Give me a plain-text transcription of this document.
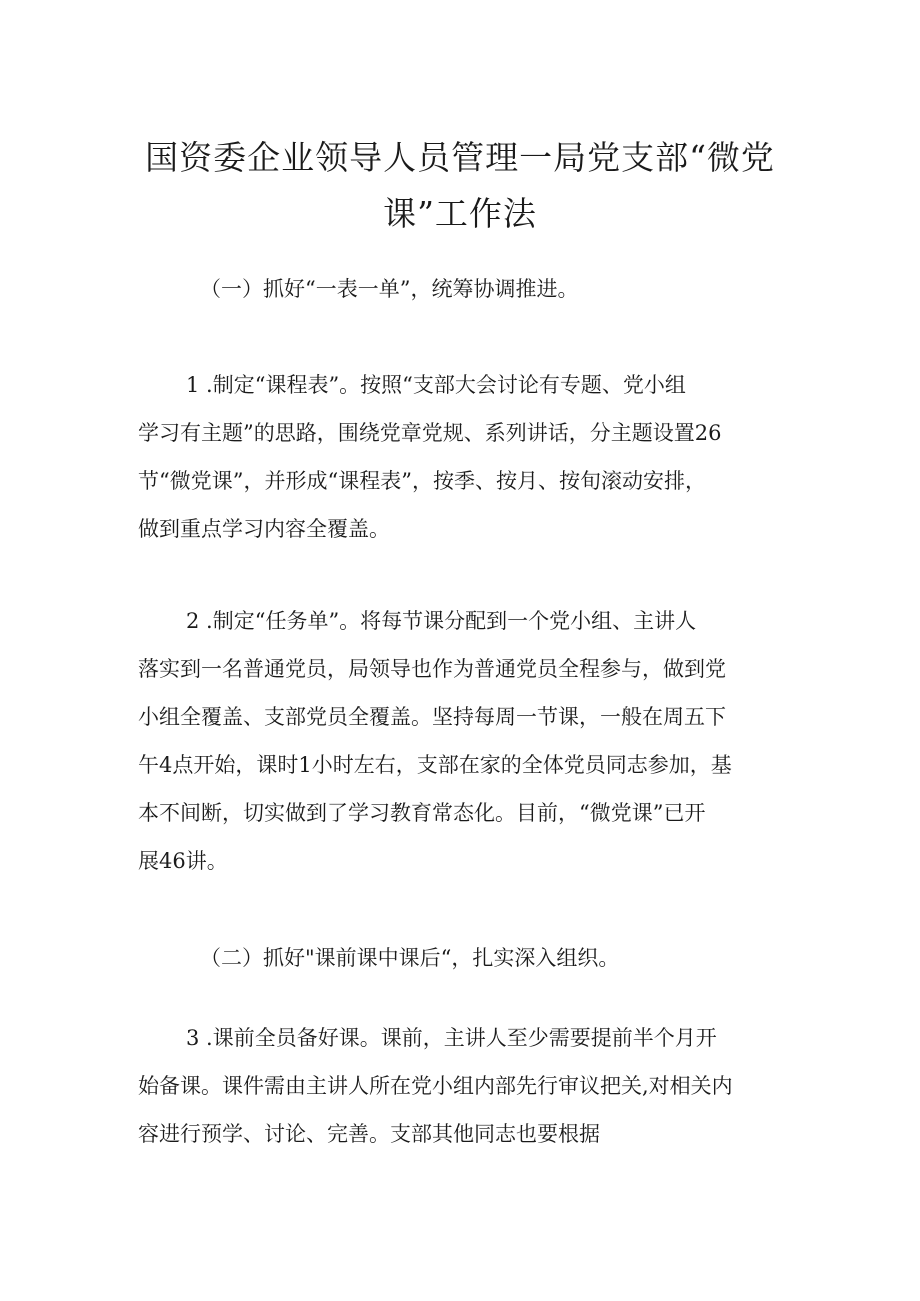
国资委企业领导人员管理一局党支部“微党
课”工作法
（一）抓好“一表一单”，统筹协调推进。
1 .制定“课程表”。按照“支部大会讨论有专题、党小组
学习有主题”的思路，围绕党章党规、系列讲话，分主题设置26
节“微党课”，并形成“课程表”，按季、按月、按旬滚动安排，
做到重点学习内容全覆盖。
2 .制定“任务单”。将每节课分配到一个党小组、主讲人
落实到一名普通党员，局领导也作为普通党员全程参与，做到党
小组全覆盖、支部党员全覆盖。坚持每周一节课，一般在周五下
午4点开始，课时1小时左右，支部在家的全体党员同志参加，基
本不间断，切实做到了学习教育常态化。目前，“微党课”已开
展46讲。
（二）抓好"课前课中课后“，扎实深入组织。
3 .课前全员备好课。课前，主讲人至少需要提前半个月开
始备课。课件需由主讲人所在党小组内部先行审议把关,对相关内
容进行预学、讨论、完善。支部其他同志也要根据
